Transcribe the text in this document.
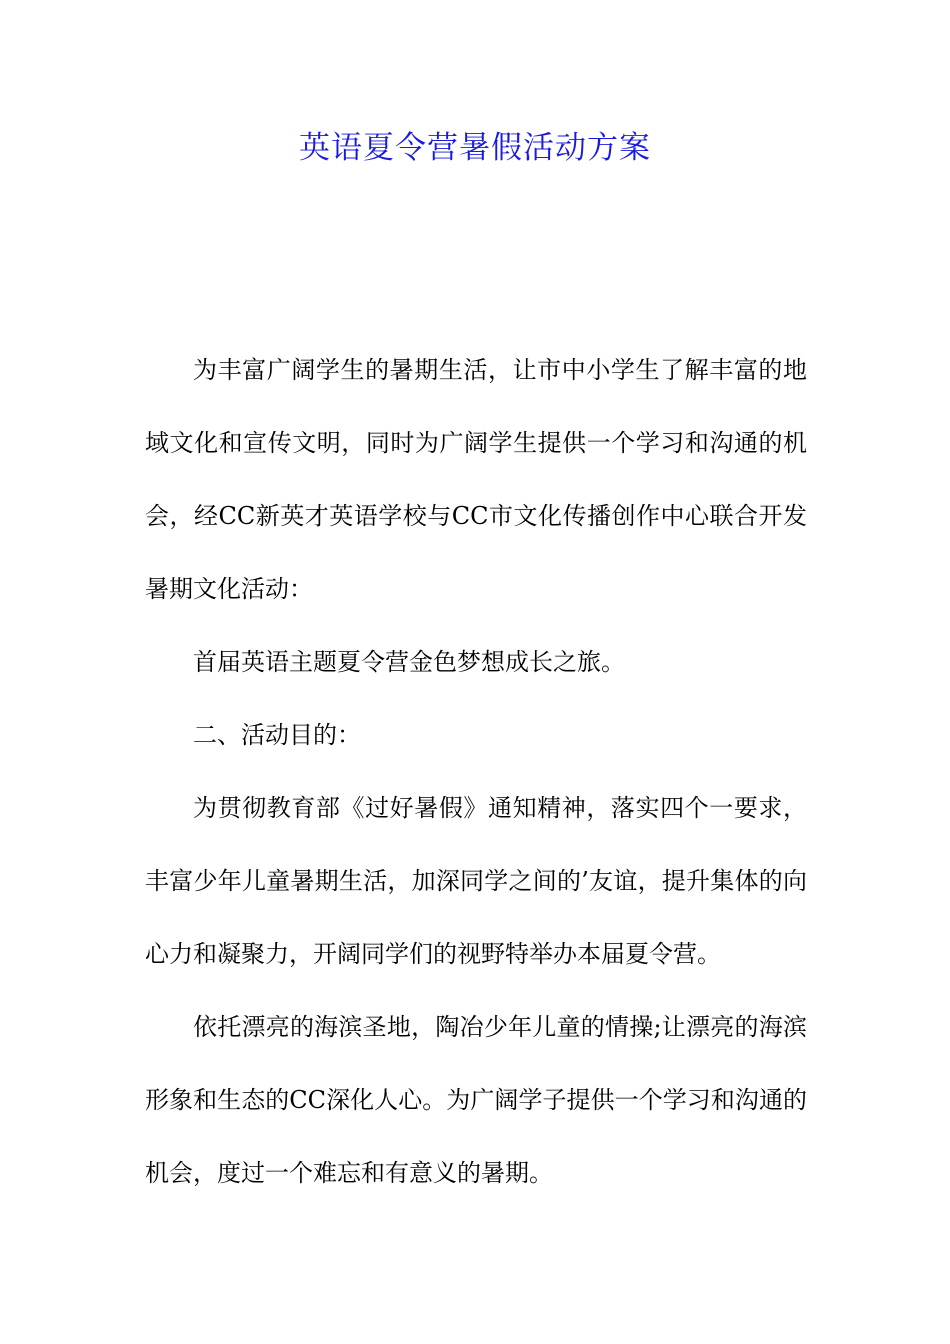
英语夏令营暑假活动方案

为丰富广阔学生的暑期生活，让市中小学生了解丰富的地域文化和宣传文明，同时为广阔学生提供一个学习和沟通的机会，经CC新英才英语学校与CC市文化传播创作中心联合开发暑期文化活动：

首届英语主题夏令营金色梦想成长之旅。

二、活动目的：

为贯彻教育部《过好暑假》通知精神，落实四个一要求，丰富少年儿童暑期生活，加深同学之间的’友谊，提升集体的向心力和凝聚力，开阔同学们的视野特举办本届夏令营。

依托漂亮的海滨圣地，陶冶少年儿童的情操;让漂亮的海滨形象和生态的CC深化人心。为广阔学子提供一个学习和沟通的机会，度过一个难忘和有意义的暑期。
